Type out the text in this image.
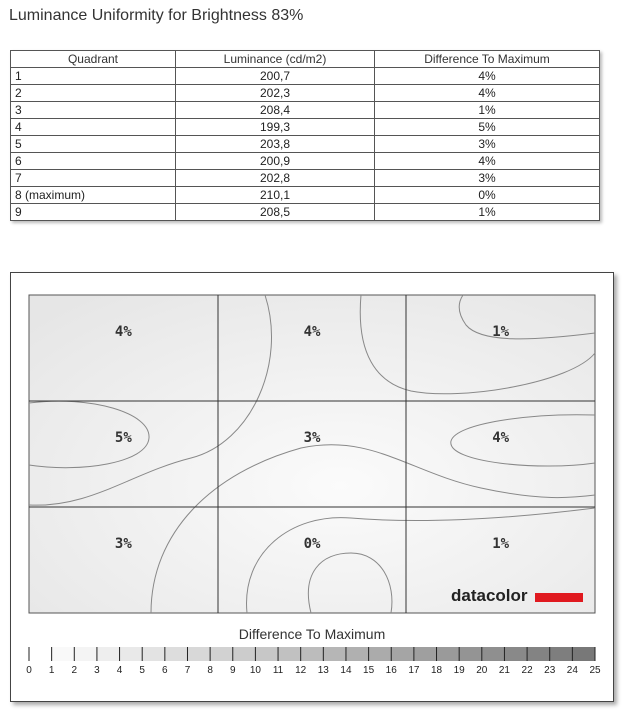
Luminance Uniformity for Brightness 83%
Quadrant	Luminance (cd/m2)	Difference To Maximum
1	200,7	4%
2	202,3	4%
3	208,4	1%
4	199,3	5%
5	203,8	3%
6	200,9	4%
7	202,8	3%
8 (maximum)	210,1	0%
9	208,5	1%
4%	4%	1%
5%	3%	4%
3%	0%	1%
datacolor
Difference To Maximum
0 1 2 3 4 5 6 7 8 9 10 11 12 13 14 15 16 17 18 19 20 21 22 23 24 25
